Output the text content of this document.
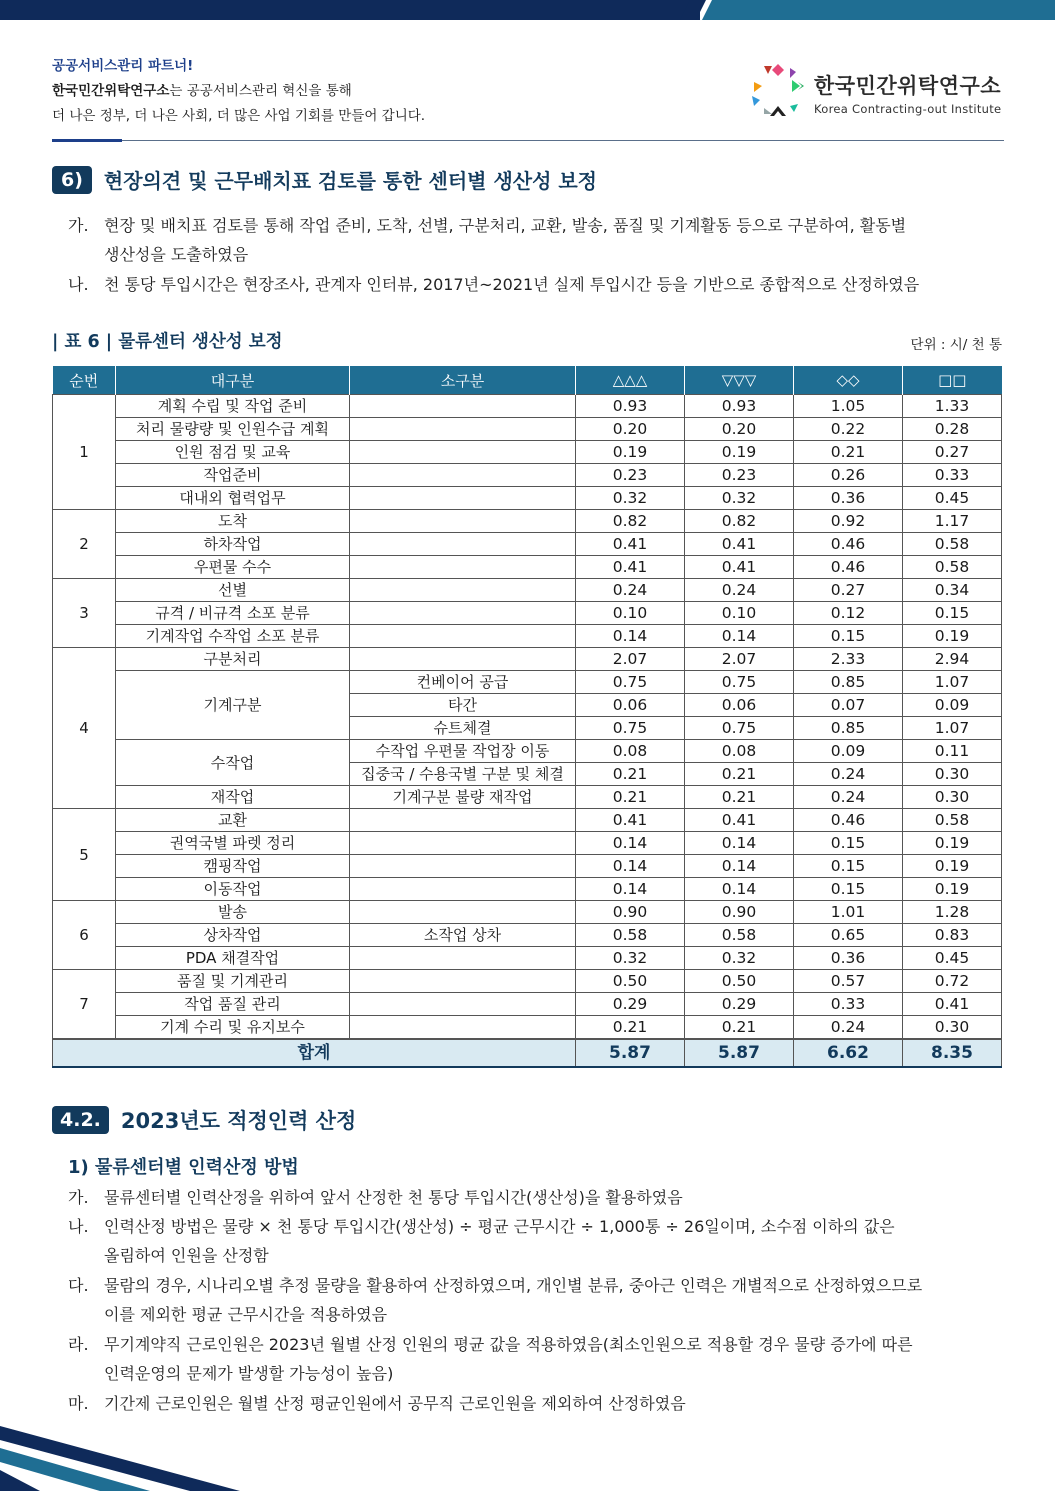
공공서비스관리 파트너!
한국민간위탁연구소는 공공서비스관리 혁신을 통해
더 나은 정부, 더 나은 사회, 더 많은 사업 기회를 만들어 갑니다.
한국민간위탁연구소
Korea Contracting-out Institute
6)	현장의견 및 근무배치표 검토를 통한 센터별 생산성 보정
가. 현장 및 배치표 검토를 통해 작업 준비, 도착, 선별, 구분처리, 교환, 발송, 품질 및 기계활동 등으로 구분하여, 활동별
생산성을 도출하였음
나. 천 통당 투입시간은 현장조사, 관계자 인터뷰, 2017년~2021년 실제 투입시간 등을 기반으로 종합적으로 산정하였음
| 표 6 | 물류센터 생산성 보정	단위 : 시/ 천 통
순번	대구분	소구분	△△△	▽▽▽	◇◇	□□
1	계획 수립 및 작업 준비		0.93	0.93	1.05	1.33
	처리 물량량 및 인원수급 계획		0.20	0.20	0.22	0.28
	인원 점검 및 교육		0.19	0.19	0.21	0.27
	작업준비		0.23	0.23	0.26	0.33
	대내외 협력업무		0.32	0.32	0.36	0.45
2	도착		0.82	0.82	0.92	1.17
	하차작업		0.41	0.41	0.46	0.58
	우편물 수수		0.41	0.41	0.46	0.58
3	선별		0.24	0.24	0.27	0.34
	규격 / 비규격 소포 분류		0.10	0.10	0.12	0.15
	기계작업 수작업 소포 분류		0.14	0.14	0.15	0.19
4	구분처리		2.07	2.07	2.33	2.94
	기계구분	컨베이어 공급	0.75	0.75	0.85	1.07
		타간	0.06	0.06	0.07	0.09
		슈트체결	0.75	0.75	0.85	1.07
	수작업	수작업 우편물 작업장 이동	0.08	0.08	0.09	0.11
		집중국 / 수용국별 구분 및 체결	0.21	0.21	0.24	0.30
	재작업	기계구분 불량 재작업	0.21	0.21	0.24	0.30
5	교환		0.41	0.41	0.46	0.58
	권역국별 파렛 정리		0.14	0.14	0.15	0.19
	캠핑작업		0.14	0.14	0.15	0.19
	이동작업		0.14	0.14	0.15	0.19
6	발송		0.90	0.90	1.01	1.28
	상차작업	소작업 상차	0.58	0.58	0.65	0.83
	PDA 채결작업		0.32	0.32	0.36	0.45
7	품질 및 기계관리		0.50	0.50	0.57	0.72
	작업 품질 관리		0.29	0.29	0.33	0.41
	기계 수리 및 유지보수		0.21	0.21	0.24	0.30
합계			5.87	5.87	6.62	8.35
4.2. 2023년도 적정인력 산정
1) 물류센터별 인력산정 방법
가. 물류센터별 인력산정을 위하여 앞서 산정한 천 통당 투입시간(생산성)을 활용하였음
나. 인력산정 방법은 물량 × 천 통당 투입시간(생산성) ÷ 평균 근무시간 ÷ 1,000통 ÷ 26일이며, 소수점 이하의 값은
올림하여 인원을 산정함
다. 물람의 경우, 시나리오별 추정 물량을 활용하여 산정하였으며, 개인별 분류, 중아근 인력은 개별적으로 산정하였으므로
이를 제외한 평균 근무시간을 적용하였음
라. 무기계약직 근로인원은 2023년 월별 산정 인원의 평균 값을 적용하였음(최소인원으로 적용할 경우 물량 증가에 따른
인력운영의 문제가 발생할 가능성이 높음)
마. 기간제 근로인원은 월별 산정 평균인원에서 공무직 근로인원을 제외하여 산정하였음
